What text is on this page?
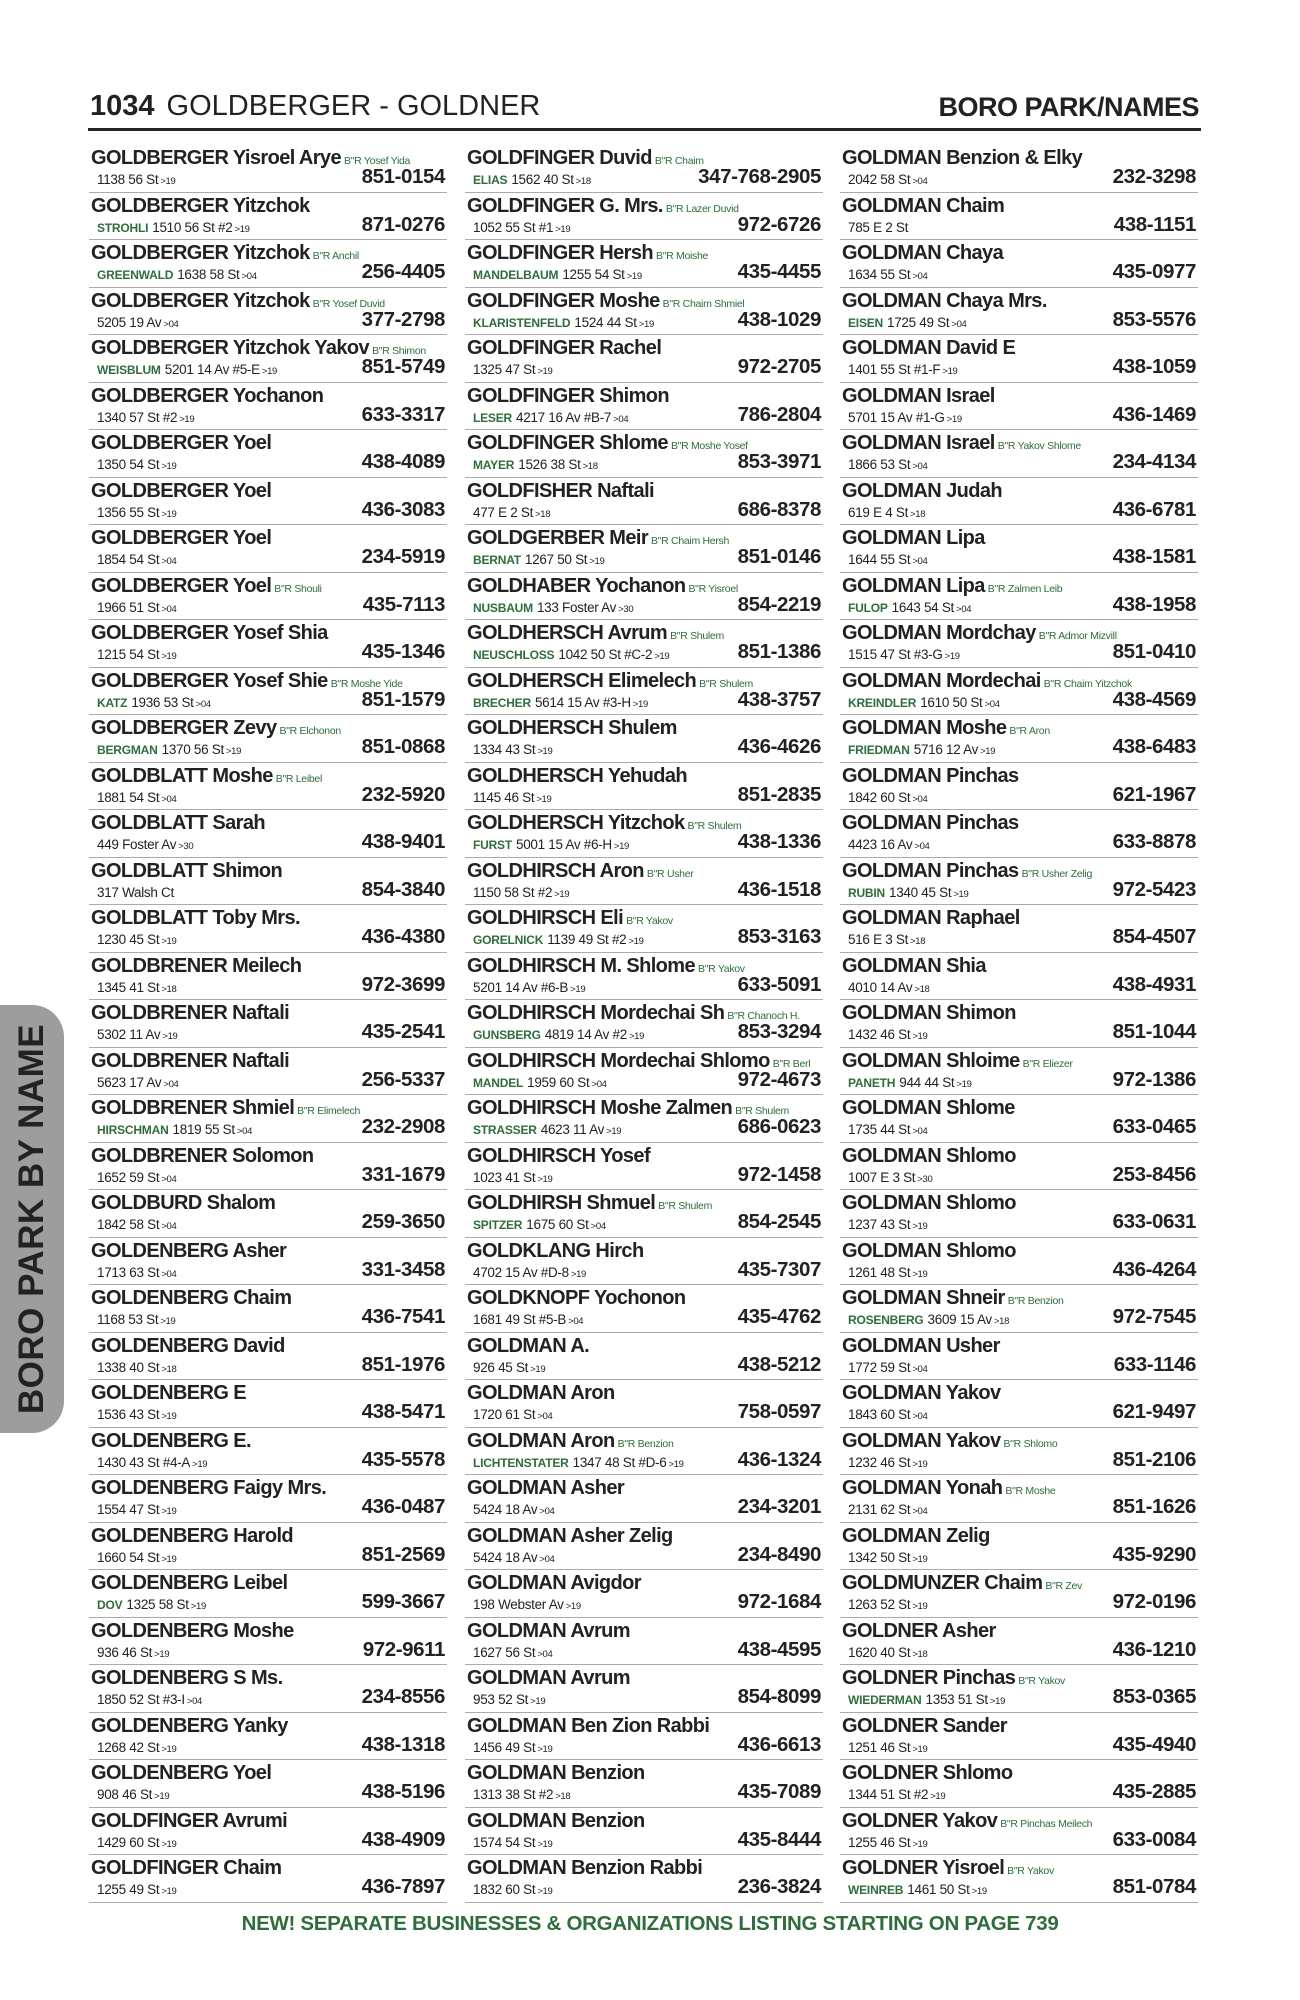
1034 GOLDBERGER - GOLDNER	BORO PARK/NAMES
BORO PARK BY NAME
GOLDBERGER Yisroel Arye B"R Yosef Yida
1138 56 St >19	851-0154
GOLDBERGER Yitzchok
STROHLI 1510 56 St #2 >19	871-0276
GOLDBERGER Yitzchok B"R Anchil
GREENWALD 1638 58 St >04	256-4405
GOLDBERGER Yitzchok B"R Yosef Duvid
5205 19 Av >04	377-2798
GOLDBERGER Yitzchok Yakov B"R Shimon
WEISBLUM 5201 14 Av #5-E >19	851-5749
GOLDBERGER Yochanon
1340 57 St #2 >19	633-3317
GOLDBERGER Yoel
1350 54 St >19	438-4089
GOLDBERGER Yoel
1356 55 St >19	436-3083
GOLDBERGER Yoel
1854 54 St >04	234-5919
GOLDBERGER Yoel B"R Shouli
1966 51 St >04	435-7113
GOLDBERGER Yosef Shia
1215 54 St >19	435-1346
GOLDBERGER Yosef Shie B"R Moshe Yide
KATZ 1936 53 St >04	851-1579
GOLDBERGER Zevy B"R Elchonon
BERGMAN 1370 56 St >19	851-0868
GOLDBLATT Moshe B"R Leibel
1881 54 St >04	232-5920
GOLDBLATT Sarah
449 Foster Av >30	438-9401
GOLDBLATT Shimon
317 Walsh Ct	854-3840
GOLDBLATT Toby Mrs.
1230 45 St >19	436-4380
GOLDBRENER Meilech
1345 41 St >18	972-3699
GOLDBRENER Naftali
5302 11 Av >19	435-2541
GOLDBRENER Naftali
5623 17 Av >04	256-5337
GOLDBRENER Shmiel B"R Elimelech
HIRSCHMAN 1819 55 St >04	232-2908
GOLDBRENER Solomon
1652 59 St >04	331-1679
GOLDBURD Shalom
1842 58 St >04	259-3650
GOLDENBERG Asher
1713 63 St >04	331-3458
GOLDENBERG Chaim
1168 53 St >19	436-7541
GOLDENBERG David
1338 40 St >18	851-1976
GOLDENBERG E
1536 43 St >19	438-5471
GOLDENBERG E.
1430 43 St #4-A >19	435-5578
GOLDENBERG Faigy Mrs.
1554 47 St >19	436-0487
GOLDENBERG Harold
1660 54 St >19	851-2569
GOLDENBERG Leibel
DOV 1325 58 St >19	599-3667
GOLDENBERG Moshe
936 46 St >19	972-9611
GOLDENBERG S Ms.
1850 52 St #3-I >04	234-8556
GOLDENBERG Yanky
1268 42 St >19	438-1318
GOLDENBERG Yoel
908 46 St >19	438-5196
GOLDFINGER Avrumi
1429 60 St >19	438-4909
GOLDFINGER Chaim
1255 49 St >19	436-7897
GOLDFINGER Duvid B"R Chaim
ELIAS 1562 40 St >18	347-768-2905
GOLDFINGER G. Mrs. B"R Lazer Duvid
1052 55 St #1 >19	972-6726
GOLDFINGER Hersh B"R Moishe
MANDELBAUM 1255 54 St >19	435-4455
GOLDFINGER Moshe B"R Chaim Shmiel
KLARISTENFELD 1524 44 St >19	438-1029
GOLDFINGER Rachel
1325 47 St >19	972-2705
GOLDFINGER Shimon
LESER 4217 16 Av #B-7 >04	786-2804
GOLDFINGER Shlome B"R Moshe Yosef
MAYER 1526 38 St >18	853-3971
GOLDFISHER Naftali
477 E 2 St >18	686-8378
GOLDGERBER Meir B"R Chaim Hersh
BERNAT 1267 50 St >19	851-0146
GOLDHABER Yochanon B"R Yisroel
NUSBAUM 133 Foster Av >30	854-2219
GOLDHERSCH Avrum B"R Shulem
NEUSCHLOSS 1042 50 St #C-2 >19	851-1386
GOLDHERSCH Elimelech B"R Shulem
BRECHER 5614 15 Av #3-H >19	438-3757
GOLDHERSCH Shulem
1334 43 St >19	436-4626
GOLDHERSCH Yehudah
1145 46 St >19	851-2835
GOLDHERSCH Yitzchok B"R Shulem
FURST 5001 15 Av #6-H >19	438-1336
GOLDHIRSCH Aron B"R Usher
1150 58 St #2 >19	436-1518
GOLDHIRSCH Eli B"R Yakov
GORELNICK 1139 49 St #2 >19	853-3163
GOLDHIRSCH M. Shlome B"R Yakov
5201 14 Av #6-B >19	633-5091
GOLDHIRSCH Mordechai Sh B"R Chanoch H.
GUNSBERG 4819 14 Av #2 >19	853-3294
GOLDHIRSCH Mordechai Shlomo B"R Berl
MANDEL 1959 60 St >04	972-4673
GOLDHIRSCH Moshe Zalmen B"R Shulem
STRASSER 4623 11 Av >19	686-0623
GOLDHIRSCH Yosef
1023 41 St >19	972-1458
GOLDHIRSH Shmuel B"R Shulem
SPITZER 1675 60 St >04	854-2545
GOLDKLANG Hirch
4702 15 Av #D-8 >19	435-7307
GOLDKNOPF Yochonon
1681 49 St #5-B >04	435-4762
GOLDMAN A.
926 45 St >19	438-5212
GOLDMAN Aron
1720 61 St >04	758-0597
GOLDMAN Aron B"R Benzion
LICHTENSTATER 1347 48 St #D-6 >19	436-1324
GOLDMAN Asher
5424 18 Av >04	234-3201
GOLDMAN Asher Zelig
5424 18 Av >04	234-8490
GOLDMAN Avigdor
198 Webster Av >19	972-1684
GOLDMAN Avrum
1627 56 St >04	438-4595
GOLDMAN Avrum
953 52 St >19	854-8099
GOLDMAN Ben Zion Rabbi
1456 49 St >19	436-6613
GOLDMAN Benzion
1313 38 St #2 >18	435-7089
GOLDMAN Benzion
1574 54 St >19	435-8444
GOLDMAN Benzion Rabbi
1832 60 St >19	236-3824
GOLDMAN Benzion & Elky
2042 58 St >04	232-3298
GOLDMAN Chaim
785 E 2 St	438-1151
GOLDMAN Chaya
1634 55 St >04	435-0977
GOLDMAN Chaya Mrs.
EISEN 1725 49 St >04	853-5576
GOLDMAN David E
1401 55 St #1-F >19	438-1059
GOLDMAN Israel
5701 15 Av #1-G >19	436-1469
GOLDMAN Israel B"R Yakov Shlome
1866 53 St >04	234-4134
GOLDMAN Judah
619 E 4 St >18	436-6781
GOLDMAN Lipa
1644 55 St >04	438-1581
GOLDMAN Lipa B"R Zalmen Leib
FULOP 1643 54 St >04	438-1958
GOLDMAN Mordchay B"R Admor Mizvill
1515 47 St #3-G >19	851-0410
GOLDMAN Mordechai B"R Chaim Yitzchok
KREINDLER 1610 50 St >04	438-4569
GOLDMAN Moshe B"R Aron
FRIEDMAN 5716 12 Av >19	438-6483
GOLDMAN Pinchas
1842 60 St >04	621-1967
GOLDMAN Pinchas
4423 16 Av >04	633-8878
GOLDMAN Pinchas B"R Usher Zelig
RUBIN 1340 45 St >19	972-5423
GOLDMAN Raphael
516 E 3 St >18	854-4507
GOLDMAN Shia
4010 14 Av >18	438-4931
GOLDMAN Shimon
1432 46 St >19	851-1044
GOLDMAN Shloime B"R Eliezer
PANETH 944 44 St >19	972-1386
GOLDMAN Shlome
1735 44 St >04	633-0465
GOLDMAN Shlomo
1007 E 3 St >30	253-8456
GOLDMAN Shlomo
1237 43 St >19	633-0631
GOLDMAN Shlomo
1261 48 St >19	436-4264
GOLDMAN Shneir B"R Benzion
ROSENBERG 3609 15 Av >18	972-7545
GOLDMAN Usher
1772 59 St >04	633-1146
GOLDMAN Yakov
1843 60 St >04	621-9497
GOLDMAN Yakov B"R Shlomo
1232 46 St >19	851-2106
GOLDMAN Yonah B"R Moshe
2131 62 St >04	851-1626
GOLDMAN Zelig
1342 50 St >19	435-9290
GOLDMUNZER Chaim B"R Zev
1263 52 St >19	972-0196
GOLDNER Asher
1620 40 St >18	436-1210
GOLDNER Pinchas B"R Yakov
WIEDERMAN 1353 51 St >19	853-0365
GOLDNER Sander
1251 46 St >19	435-4940
GOLDNER Shlomo
1344 51 St #2 >19	435-2885
GOLDNER Yakov B"R Pinchas Meilech
1255 46 St >19	633-0084
GOLDNER Yisroel B"R Yakov
WEINREB 1461 50 St >19	851-0784
NEW! SEPARATE BUSINESSES & ORGANIZATIONS LISTING STARTING ON PAGE 739
